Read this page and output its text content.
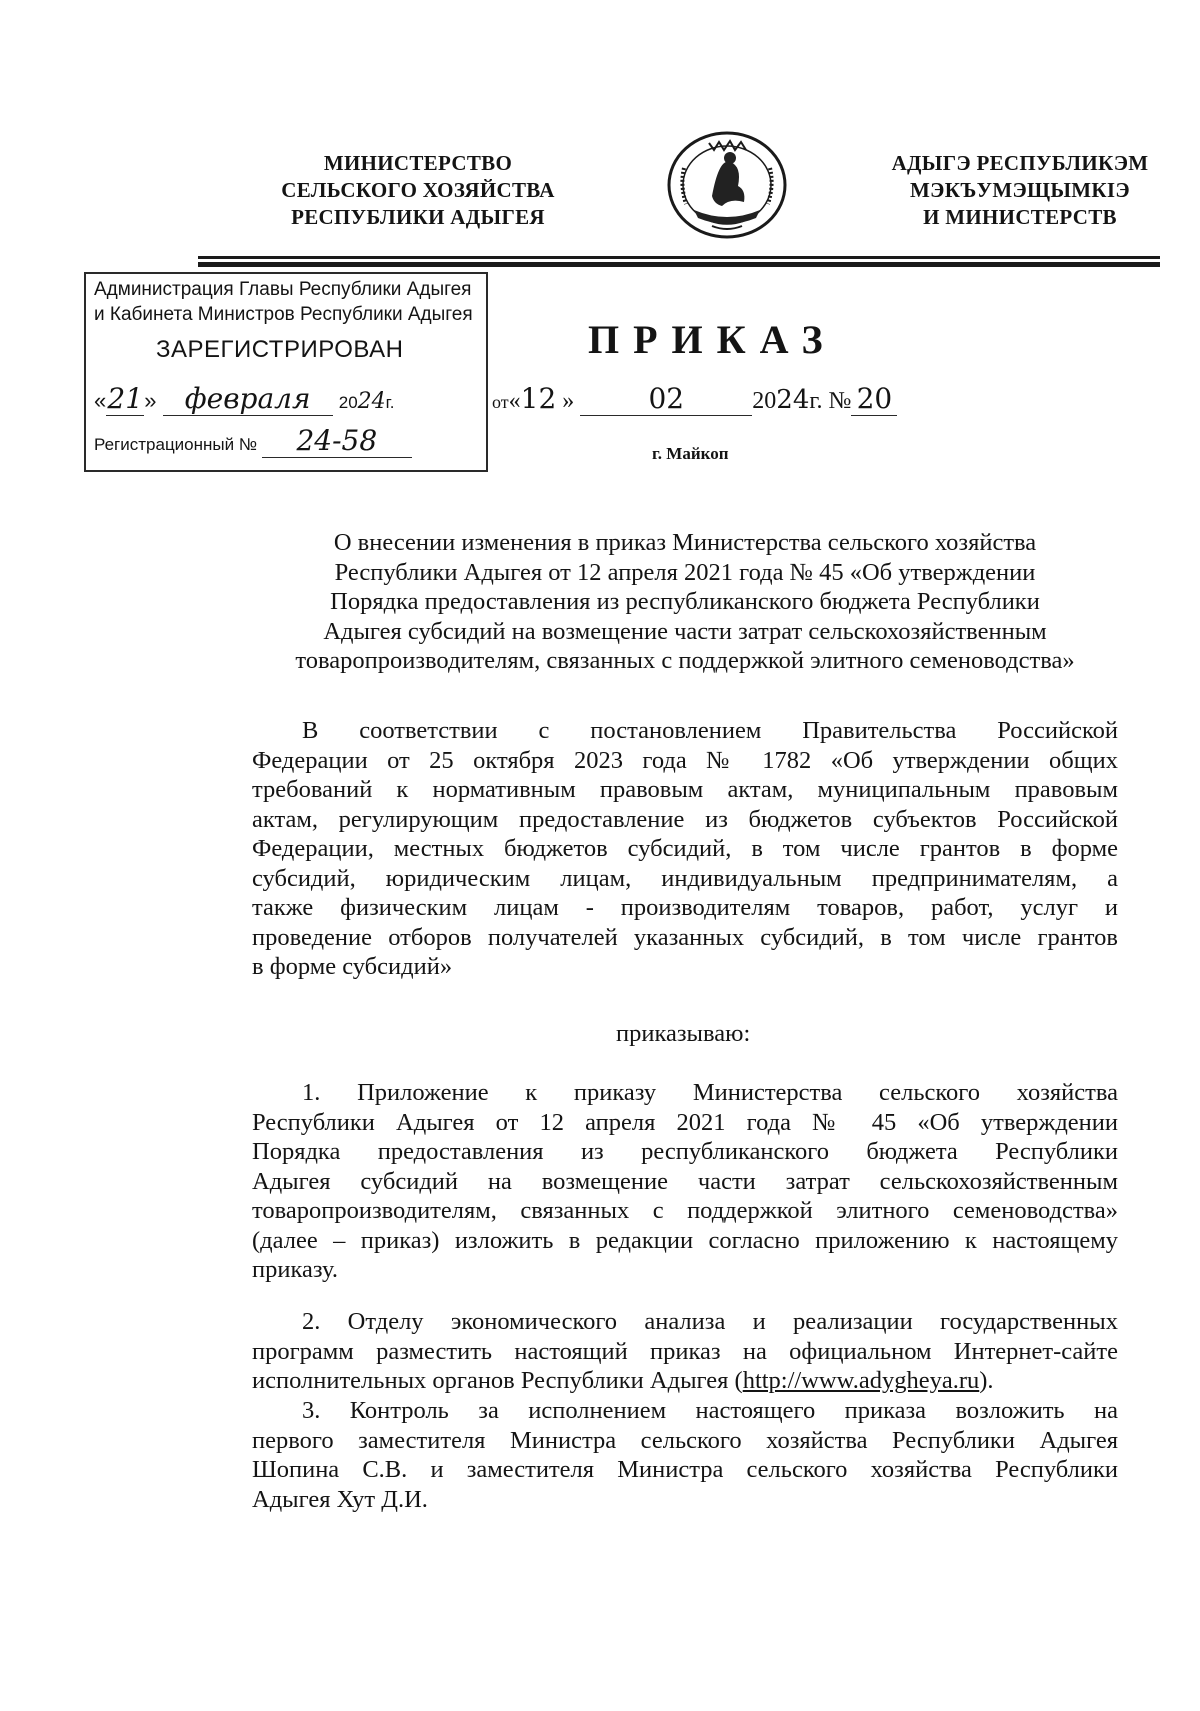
МИНИСТЕРСТВО
СЕЛЬСКОГО ХОЗЯЙСТВА
РЕСПУБЛИКИ АДЫГЕЯ
АДЫГЭ РЕСПУБЛИКЭМ
МЭКЪУМЭЩЫМКIЭ
И МИНИСТЕРСТВ
Администрация Главы Республики Адыгея
и Кабинета Министров Республики Адыгея
ЗАРЕГИСТРИРОВАН
«21» февраля 2024г.
Регистрационный № 24-58
ПРИКАЗ
от«12 »	02	2024г. № 20
г. Майкоп
О внесении изменения в приказ Министерства сельского хозяйства
Республики Адыгея от 12 апреля 2021 года № 45 «Об утверждении
Порядка предоставления из республиканского бюджета Республики
Адыгея субсидий на возмещение части затрат сельскохозяйственным
товаропроизводителям, связанных с поддержкой элитного семеноводства»
В соответствии с постановлением Правительства Российской
Федерации от 25 октября 2023 года № 1782 «Об утверждении общих
требований к нормативным правовым актам, муниципальным правовым
актам, регулирующим предоставление из бюджетов субъектов Российской
Федерации, местных бюджетов субсидий, в том числе грантов в форме
субсидий, юридическим лицам, индивидуальным предпринимателям, а
также физическим лицам - производителям товаров, работ, услуг и
проведение отборов получателей указанных субсидий, в том числе грантов
в форме субсидий»
приказываю:
1. Приложение к приказу Министерства сельского хозяйства
Республики Адыгея от 12 апреля 2021 года № 45 «Об утверждении
Порядка предоставления из республиканского бюджета Республики
Адыгея субсидий на возмещение части затрат сельскохозяйственным
товаропроизводителям, связанных с поддержкой элитного семеноводства»
(далее – приказ) изложить в редакции согласно приложению к настоящему
приказу.
2. Отделу экономического анализа и реализации государственных
программ разместить настоящий приказ на официальном Интернет-сайте
исполнительных органов Республики Адыгея (http://www.adygheya.ru).
3. Контроль за исполнением настоящего приказа возложить на
первого заместителя Министра сельского хозяйства Республики Адыгея
Шопина С.В. и заместителя Министра сельского хозяйства Республики
Адыгея Хут Д.И.
